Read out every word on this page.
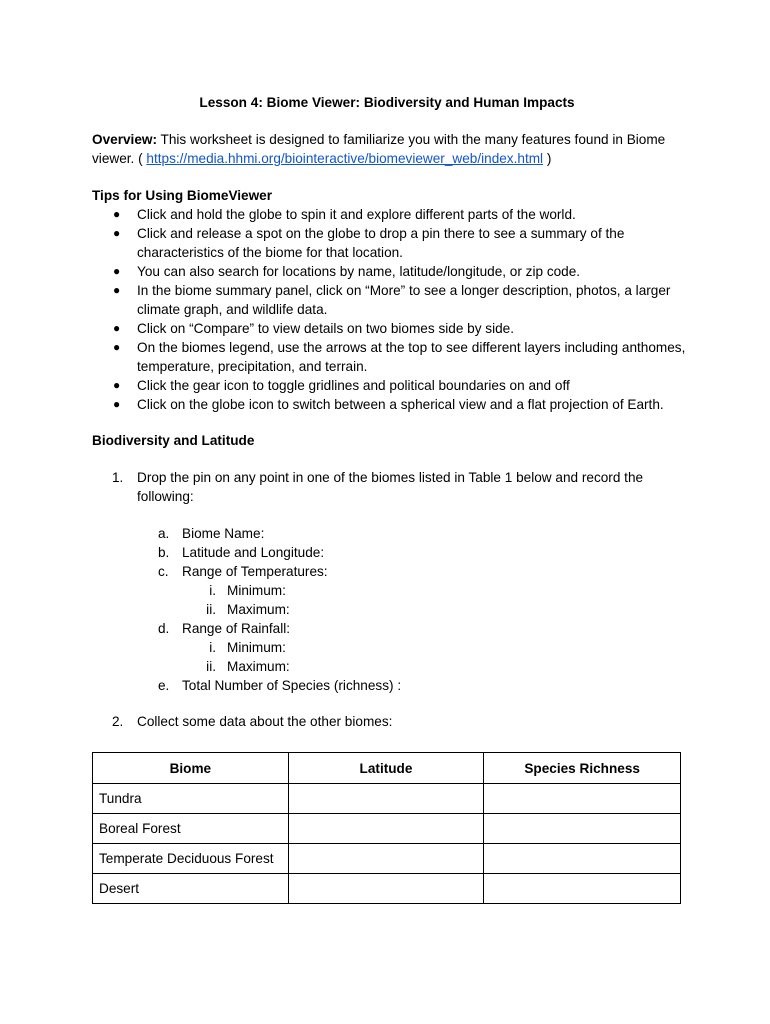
Lesson 4: Biome Viewer: Biodiversity and Human Impacts
Overview: This worksheet is designed to familiarize you with the many features found in Biome viewer. ( https://media.hhmi.org/biointeractive/biomeviewer_web/index.html )
Tips for Using BiomeViewer
● Click and hold the globe to spin it and explore different parts of the world.
● Click and release a spot on the globe to drop a pin there to see a summary of the characteristics of the biome for that location.
● You can also search for locations by name, latitude/longitude, or zip code.
● In the biome summary panel, click on “More” to see a longer description, photos, a larger climate graph, and wildlife data.
● Click on “Compare” to view details on two biomes side by side.
● On the biomes legend, use the arrows at the top to see different layers including anthomes, temperature, precipitation, and terrain.
● Click the gear icon to toggle gridlines and political boundaries on and off
● Click on the globe icon to switch between a spherical view and a flat projection of Earth.
Biodiversity and Latitude
1.	Drop the pin on any point in one of the biomes listed in Table 1 below and record the following:
a. Biome Name:
b. Latitude and Longitude:
c. Range of Temperatures:
i. Minimum:
ii. Maximum:
d. Range of Rainfall:
i. Minimum:
ii. Maximum:
e. Total Number of Species (richness) :
2.	Collect some data about the other biomes:
Biome	Latitude	Species Richness
Tundra		
Boreal Forest		
Temperate Deciduous Forest		
Desert		
